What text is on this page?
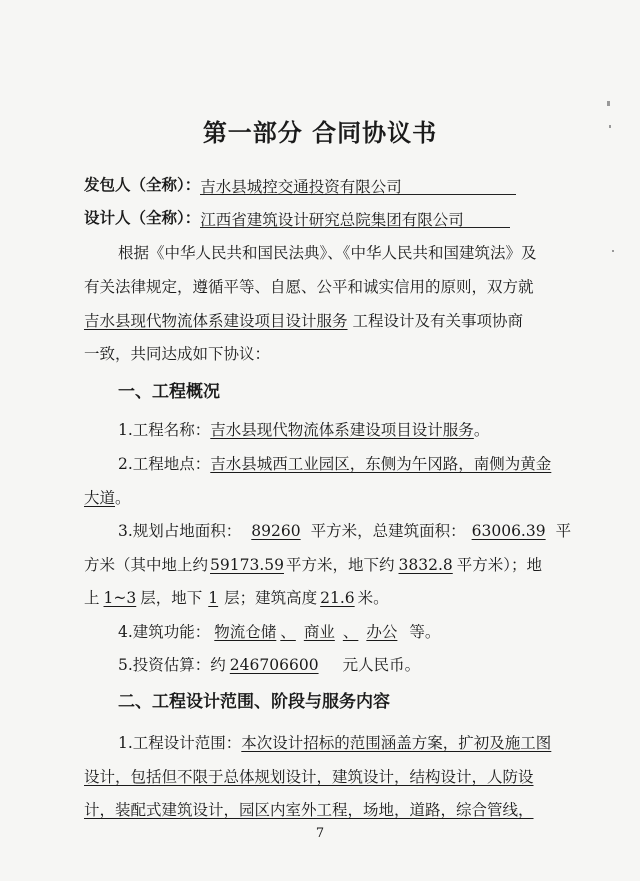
第一部分 合同协议书
发包人（全称）：吉水县城控交通投资有限公司
设计人（全称）：江西省建筑设计研究总院集团有限公司
根据《中华人民共和国民法典》、《中华人民共和国建筑法》及
有关法律规定，遵循平等、自愿、公平和诚实信用的原则，双方就
吉水县现代物流体系建设项目设计服务 工程设计及有关事项协商
一致，共同达成如下协议：
一、工程概况
1.工程名称：吉水县现代物流体系建设项目设计服务。
2.工程地点：吉水县城西工业园区，东侧为午冈路，南侧为黄金
大道。
3.规划占地面积： 89260 平方米，总建筑面积： 63006.39 平
方米（其中地上约 59173.59 平方米，地下约 3832.8 平方米）；地
上 1~3 层，地下 1 层；建筑高度 21.6 米。
4.建筑功能： 物流仓储 、 商业 、 办公 等。
5.投资估算：约 246706600 元人民币。
二、工程设计范围、阶段与服务内容
1.工程设计范围：本次设计招标的范围涵盖方案，扩初及施工图
设计，包括但不限于总体规划设计，建筑设计，结构设计，人防设
计，装配式建筑设计，园区内室外工程，场地，道路，综合管线，
7
